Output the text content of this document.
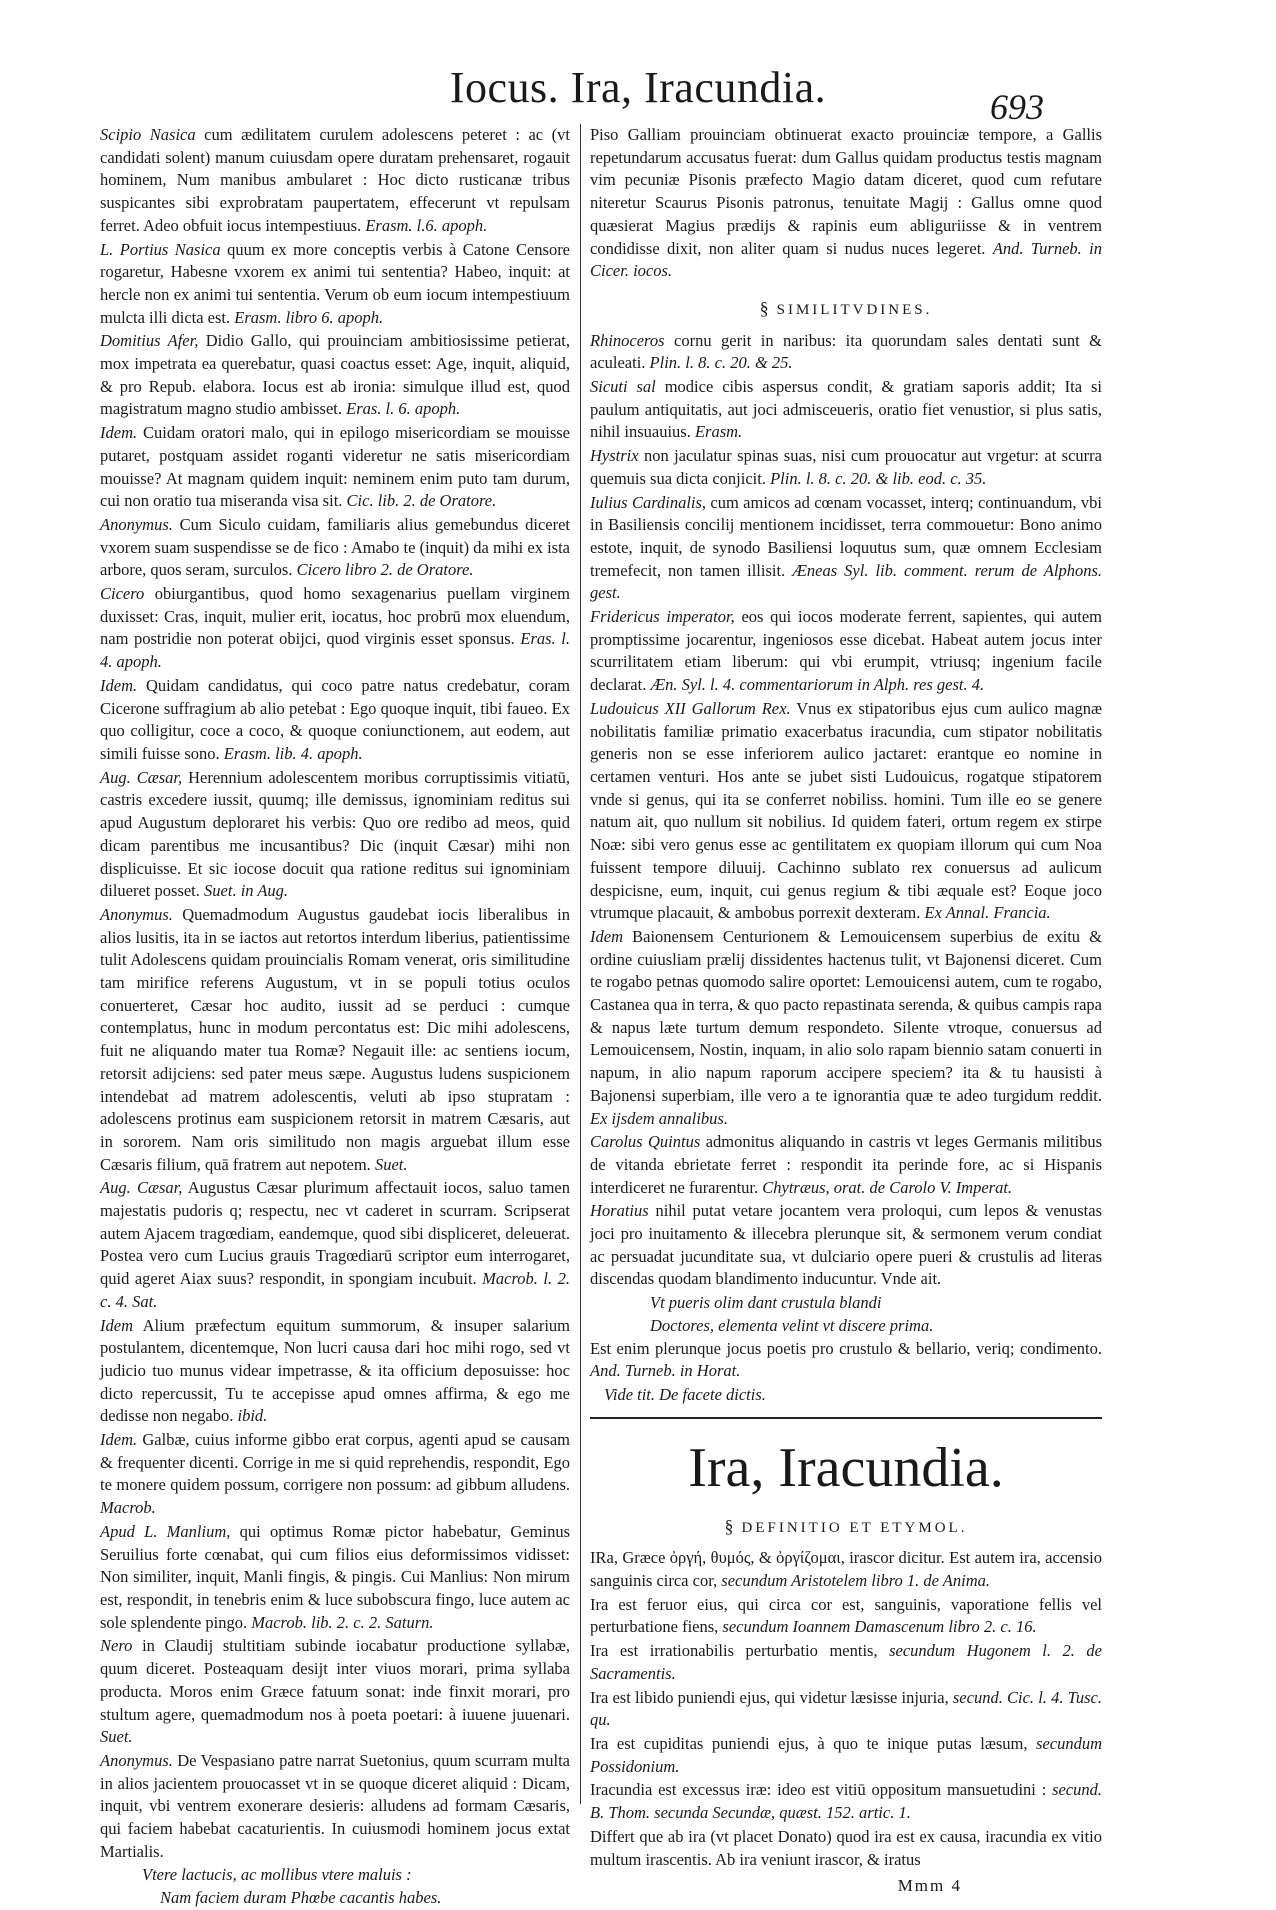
Iocus. Ira, Iracundia.	693

Scipio Nasica cum ædilitatem curulem adolescens peteret : ac (vt candidati solent) manum cuiusdam opere duratam prehensaret, rogauit hominem, Num manibus ambularet : Hoc dicto rusticanæ tribus suspicantes sibi exprobratam paupertatem, effecerunt vt repulsam ferret. Adeo obfuit iocus intempestiuus. Erasm. l.6. apoph.

L. Portius Nasica quum ex more conceptis verbis à Catone Censore rogaretur, Habesne vxorem ex animi tui sententia? Habeo, inquit: at hercle non ex animi tui sententia. Verum ob eum iocum intempestiuum mulcta illi dicta est. Erasm. libro 6. apoph.

Domitius Afer, Didio Gallo, qui prouinciam ambitiosissime petierat, mox impetrata ea querebatur, quasi coactus esset: Age, inquit, aliquid, & pro Repub. elabora. Iocus est ab ironia: simulque illud est, quod magistratum magno studio ambisset. Eras. l. 6. apoph.

Idem. Cuidam oratori malo, qui in epilogo misericordiam se mouisse putaret, postquam assidet roganti videretur ne satis misericordiam mouisse? At magnam quidem inquit: neminem enim puto tam durum, cui non oratio tua miseranda visa sit. Cic. lib. 2. de Oratore.

Anonymus. Cum Siculo cuidam, familiaris alius gemebundus diceret vxorem suam suspendisse se de fico : Amabo te (inquit) da mihi ex ista arbore, quos seram, surculos. Cicero libro 2. de Oratore.

Cicero obiurgantibus, quod homo sexagenarius puellam virginem duxisset: Cras, inquit, mulier erit, iocatus, hoc probrū mox eluendum, nam postridie non poterat obijci, quod virginis esset sponsus. Eras. l. 4. apoph.

Idem. Quidam candidatus, qui coco patre natus credebatur, coram Cicerone suffragium ab alio petebat : Ego quoque inquit, tibi faueo. Ex quo colligitur, coce a coco, & quoque coniunctionem, aut eodem, aut simili fuisse sono. Erasm. lib. 4. apoph.

Aug. Cæsar, Herennium adolescentem moribus corruptissimis vitiatū, castris excedere iussit, quumq; ille demissus, ignominiam reditus sui apud Augustum deploraret his verbis: Quo ore redibo ad meos, quid dicam parentibus me incusantibus? Dic (inquit Cæsar) mihi non displicuisse. Et sic iocose docuit qua ratione reditus sui ignominiam dilueret posset. Suet. in Aug.

Anonymus. Quemadmodum Augustus gaudebat iocis liberalibus in alios lusitis, ita in se iactos aut retortos interdum liberius, patientissime tulit Adolescens quidam prouincialis Romam venerat, oris similitudine tam mirifice referens Augustum, vt in se populi totius oculos conuerteret, Cæsar hoc audito, iussit ad se perduci : cumque contemplatus, hunc in modum percontatus est: Dic mihi adolescens, fuit ne aliquando mater tua Romæ? Negauit ille: ac sentiens iocum, retorsit adijciens: sed pater meus sæpe. Augustus ludens suspicionem intendebat ad matrem adolescentis, veluti ab ipso stupratam : adolescens protinus eam suspicionem retorsit in matrem Cæsaris, aut in sororem. Nam oris similitudo non magis arguebat illum esse Cæsaris filium, quā fratrem aut nepotem. Suet.

Aug. Cæsar, Augustus Cæsar plurimum affectauit iocos, saluo tamen majestatis pudoris q; respectu, nec vt caderet in scurram. Scripserat autem Ajacem tragœdiam, eandemque, quod sibi displiceret, deleuerat. Postea vero cum Lucius grauis Tragœdiarū scriptor eum interrogaret, quid ageret Aiax suus? respondit, in spongiam incubuit. Macrob. l. 2. c. 4. Sat.

Idem Alium præfectum equitum summorum, & insuper salarium postulantem, dicentemque, Non lucri causa dari hoc mihi rogo, sed vt judicio tuo munus videar impetrasse, & ita officium deposuisse: hoc dicto repercussit, Tu te accepisse apud omnes affirma, & ego me dedisse non negabo. ibid.

Idem. Galbæ, cuius informe gibbo erat corpus, agenti apud se causam & frequenter dicenti. Corrige in me si quid reprehendis, respondit, Ego te monere quidem possum, corrigere non possum: ad gibbum alludens. Macrob.

Apud L. Manlium, qui optimus Romæ pictor habebatur, Geminus Seruilius forte cœnabat, qui cum filios eius deformissimos vidisset: Non similiter, inquit, Manli fingis, & pingis. Cui Manlius: Non mirum est, respondit, in tenebris enim & luce subobscura fingo, luce autem ac sole splendente pingo. Macrob. lib. 2. c. 2. Saturn.

Nero in Claudij stultitiam subinde iocabatur productione syllabæ, quum diceret. Posteaquam desijt inter viuos morari, prima syllaba producta. Moros enim Græce fatuum sonat: inde finxit morari, pro stultum agere, quemadmodum nos à poeta poetari: à iuuene juuenari. Suet.

Anonymus. De Vespasiano patre narrat Suetonius, quum scurram multa in alios jacientem prouocasset vt in se quoque diceret aliquid : Dicam, inquit, vbi ventrem exonerare desieris: alludens ad formam Cæsaris, qui faciem habebat cacaturientis. In cuiusmodi hominem jocus extat Martialis.

Vtere lactucis, ac mollibus vtere maluis :

Nam faciem duram Phœbe cacantis habes.

Piso Galliam prouinciam obtinuerat exacto prouinciæ tempore, a Gallis repetundarum accusatus fuerat: dum Gallus quidam productus testis magnam vim pecuniæ Pisonis præfecto Magio datam diceret, quod cum refutare niteretur Scaurus Pisonis patronus, tenuitate Magij : Gallus omne quod quæsierat Magius prædijs & rapinis eum abliguriisse & in ventrem condidisse dixit, non aliter quam si nudus nuces legeret. And. Turneb. in Cicer. iocos.

§ SIMILITVDINES.

Rhinoceros cornu gerit in naribus: ita quorundam sales dentati sunt & aculeati. Plin. l. 8. c. 20. & 25.

Sicuti sal modice cibis aspersus condit, & gratiam saporis addit; Ita si paulum antiquitatis, aut joci admisceueris, oratio fiet venustior, si plus satis, nihil insuauius. Erasm.

Hystrix non jaculatur spinas suas, nisi cum prouocatur aut vrgetur: at scurra quemuis sua dicta conjicit. Plin. l. 8. c. 20. & lib. eod. c. 35.

Iulius Cardinalis, cum amicos ad cœnam vocasset, interq; continuandum, vbi in Basiliensis concilij mentionem incidisset, terra commouetur: Bono animo estote, inquit, de synodo Basiliensi loquutus sum, quæ omnem Ecclesiam tremefecit, non tamen illisit. Æneas Syl. lib. comment. rerum de Alphons. gest.

Fridericus imperator, eos qui iocos moderate ferrent, sapientes, qui autem promptissime jocarentur, ingeniosos esse dicebat. Habeat autem jocus inter scurrilitatem etiam liberum: qui vbi erumpit, vtriusq; ingenium facile declarat. Æn. Syl. l. 4. commentariorum in Alph. res gest. 4.

Ludouicus XII Gallorum Rex. Vnus ex stipatoribus ejus cum aulico magnæ nobilitatis familiæ primatio exacerbatus iracundia, cum stipator nobilitatis generis non se esse inferiorem aulico jactaret: erantque eo nomine in certamen venturi. Hos ante se jubet sisti Ludouicus, rogatque stipatorem vnde si genus, qui ita se conferret nobiliss. homini. Tum ille eo se genere natum ait, quo nullum sit nobilius. Id quidem fateri, ortum regem ex stirpe Noæ: sibi vero genus esse ac gentilitatem ex quopiam illorum qui cum Noa fuissent tempore diluuij. Cachinno sublato rex conuersus ad aulicum despicisne, eum, inquit, cui genus regium & tibi æquale est? Eoque joco vtrumque placauit, & ambobus porrexit dexteram. Ex Annal. Francia.

Idem Baionensem Centurionem & Lemouicensem superbius de exitu & ordine cuiusliam prælij dissidentes hactenus tulit, vt Bajonensi diceret. Cum te rogabo petnas quomodo salire oportet: Lemouicensi autem, cum te rogabo, Castanea qua in terra, & quo pacto repastinata serenda, & quibus campis rapa & napus læte turtum demum respondeto. Silente vtroque, conuersus ad Lemouicensem, Nostin, inquam, in alio solo rapam biennio satam conuerti in napum, in alio napum raporum accipere speciem? ita & tu hausisti à Bajonensi superbiam, ille vero a te ignorantia quæ te adeo turgidum reddit. Ex ijsdem annalibus.

Carolus Quintus admonitus aliquando in castris vt leges Germanis militibus de vitanda ebrietate ferret : respondit ita perinde fore, ac si Hispanis interdiceret ne furarentur. Chytræus, orat. de Carolo V. Imperat.

Horatius nihil putat vetare jocantem vera proloqui, cum lepos & venustas joci pro inuitamento & illecebra plerunque sit, & sermonem verum condiat ac persuadat jucunditate sua, vt dulciario opere pueri & crustulis ad literas discendas quodam blandimento inducuntur. Vnde ait.

Vt pueris olim dant crustula blandi

Doctores, elementa velint vt discere prima.

Est enim plerunque jocus poetis pro crustulo & bellario, veriq; condimento. And. Turneb. in Horat.

Vide tit. De facete dictis.

Ira, Iracundia.
§ DEFINITIO ET ETYMOL.

IRa, Græce ὀργή, θυμός, & ὀργίζομαι, irascor dicitur. Est autem ira, accensio sanguinis circa cor, secundum Aristotelem libro 1. de Anima.

Ira est feruor eius, qui circa cor est, sanguinis, vaporatione fellis vel perturbatione fiens, secundum Ioannem Damascenum libro 2. c. 16.

Ira est irrationabilis perturbatio mentis, secundum Hugonem l. 2. de Sacramentis.

Ira est libido puniendi ejus, qui videtur læsisse injuria, secund. Cic. l. 4. Tusc. qu.

Ira est cupiditas puniendi ejus, à quo te inique putas læsum, secundum Possidonium.

Iracundia est excessus iræ: ideo est vitiū oppositum mansuetudini : secund. B. Thom. secunda Secundæ, quæst. 152. artic. 1.

Differt que ab ira (vt placet Donato) quod ira est ex causa, iracundia ex vitio multum irascentis. Ab ira veniunt irascor, & iratus

Mmm 4
